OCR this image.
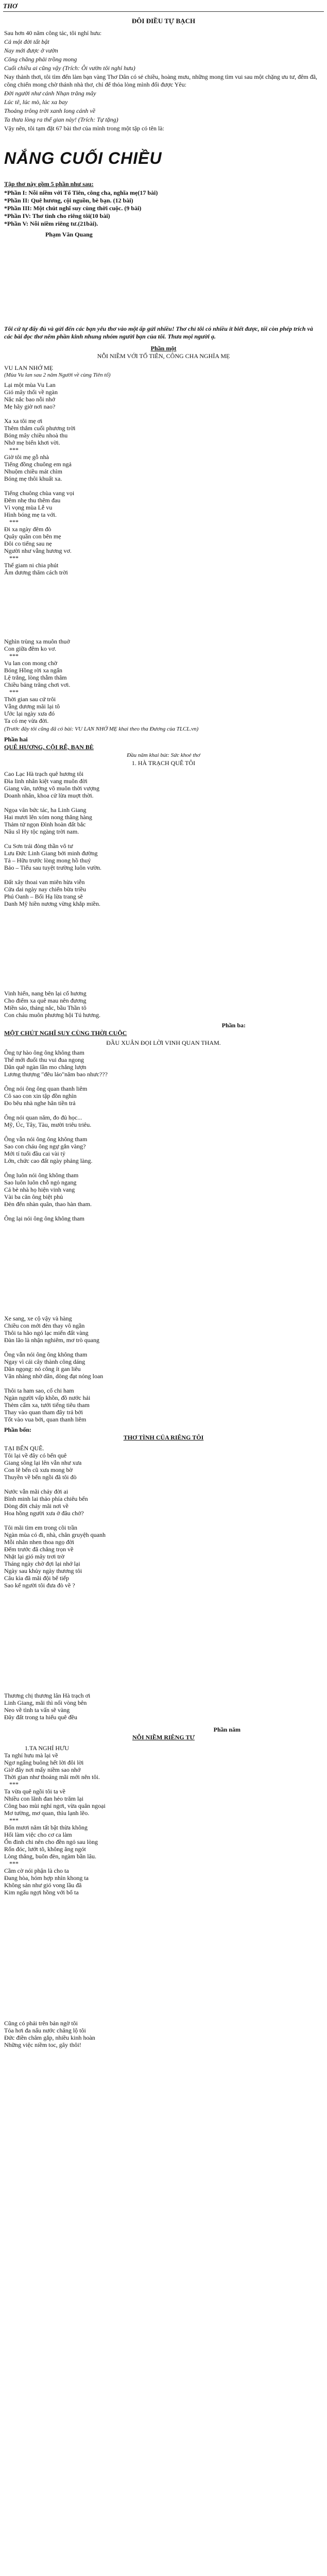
THƠ
ĐÔI ĐIỀU TỰ BẠCH
Sau hơn 40 năm công tác, tôi nghỉ hưu:
Cả một đời tất bật
Nay mới được ở vườn
Công chăng phải trồng mong
Cuối chiều ai cũng vậy (Trích: Ôi vườn tôi nghỉ hưu)
Nay thảnh thơi, tôi tìm đến làm bạn vàng Thơ Dân có sẻ chiều, hoàng mưu, những mong tìm vui sau một chặng ưu tư, đêm đã, công chiến mong chờ thánh nhà thơ, chỉ để thỏa lòng mình đối được Yêu:
Đời người như cánh Nhạn trăng mây
Lúc tê, lúc mò, lúc xa bay
Thoảng trông trời xanh long cánh về
Ta thưa lòng ra thế gian này! (Trích: Tự tặng)
Vậy nên, tôi tạm đặt 67 bài thơ của mình trong một tập có tên là:
NẮNG CUỐI CHIỀU
Tập thơ này gồm 5 phần như sau:
*Phần I: Nỗi niềm với Tổ Tiên, công cha, nghĩa mẹ(17 bài)
*Phần II: Quê hương, cội nguồn, bè bạn. (12 bài)
*Phần III: Một chút nghĩ suy cùng thời cuộc. (9 bài)
*Phần IV: Thơ tình cho riêng tôi(10 bài)
*Phần V: Nỗi niềm riêng tư.(21bài).
Phạm Văn Quang
Tôi cứ tự đấy đủ và gửi đến các bạn yêu thơ vào một ấp gửi nhiều! Thơ chỉ tôi có nhiều ít biết được, tối còn phép trích và các bài đọc thơ nêm phần kinh nhung nhóm người bạn của tôi. Thưa mọi người ạ.
Phần một
NỖI NIỀM VỚI TỔ TIÊN, CÔNG CHA NGHĨA MẸ
VU LAN NHỚ MẸ
(Mùa Vu lan sau 2 năm Người về cùng Tiên tổ)
Lại một mùa Vu Lan
Gió mây thổi về ngàn
Nắc nắc bao nỗi nhớ
Mẹ hãy giờ nơi nao?
Xa xa tôi mẹ ơi
Thêm thắm cuối phương trời
Bóng mây chiều nhoà thu
Nhớ mẹ biển khơi vời.
***
Giờ tôi mẹ gỗ nhà
Tiếng đồng chuông em ngả
Nhuộm chiều mát chìm
Bóng mẹ thôi khuất xa.
Tiếng chuông chùa vang vọi
Đêm nhẹ thu thêm đau
Vì vọng mùa Lễ vu
Hình bóng mẹ ta với.
***
Đi xa ngày đêm đò
Quây quần con bên mẹ
Đôi co tiếng sau nẹ
Người như vẫng hương vơ.
***
Thể giam ni chia phút
Âm dương thăm cách trời
Nghìn trùng xa muôn thuở
Con giữa đêm ko vơ.
***
Vu lan con mong chờ
Bóng Hồng rời xa ngẩn
Lệ trắng, lòng thẫm thâm
Chiều bảng trăng chơi vơi.
***
Thời gian sau cứ trôi
Vẫng dương mãi lại tô
Ước lại ngày xưa đó
Ta có mẹ vừa đời.
(Trước đây tôi cũng đã có bài: VU LAN NHỚ MẸ khai theo tha Đương của TLCL.vn)
Phần hai
QUÊ HƯƠNG, CỘI RỄ, BẠN BÈ
Đầu năm khai bút: Sức khoẻ thơ
1. HÀ TRẠCH QUÊ TÔI
Cao Lạc Hà trạch quê hương tôi
Đìa linh nhân kiệt vang muôn đời
Giang văn, tướng võ muôn thời vượng
Doanh nhân, khoa cử lừa muợt thời.
Ngọa vân bức tác, ha Linh Giang
Hai mươi lên xóm nong thăng hàng
Thảm tử ngọn Đình hoàn đất bắc
Nâu sĩ Hy tộc ngàng trời nam.
Cu Sơn trái đòng thần vô tư
Lưu Đức Linh Giang bởi minh đường
Tả – Hữu trước lòng mong hồ thuỷ
Bảo – Tiểu sau tuyệt trường luôn vườn.
Đất xây thoai van miên hừa viễn
Cửa dai ngày nay chiến bừa triều
Phú Oanh – Bối Hạ lừa trang sẽ
Danh Mỹ hiền nương vừng khắp miền.
Vinh hiển, nang bên lại cố hương
Cho điểm xa quê mau nên đương
Miền sáo, tháng nắc, bầu Thần tô
Con cháu muôn phương hội Tú hương.
Phần ba:
MỘT CHÚT NGHĨ SUY CÙNG THỜI CUỘC
ĐẦU XUÂN ĐỌI LỜI VINH QUAN THAM.
Ông tự hào ông ông không tham
Thế mới đuổi thu vui đua ngong
Dân quê ngàn lần mo chẳng lượn
Lương thượng "đêu lảo"năm bao nhưc???
Ông nói ông ông quan thanh liêm
Cô sao con xin tập đồn nghìn
Đo bêu nhà nghe hân tiền trả
Ông nói quan năm, đo đủ học...
Mỹ, Úc, Tây, Tàu, mười triêu triêu.
Ông vẫn nói ông ông không tham
Sao con cháu ông ngự gắn vàng?
Mới tí tuổi đầu cai vài tỷ
Lớn, chức cao đất ngày phảng làng.
Ông luôn nói ông không tham
Sao luôn luôn chỗ ngỏ ngang
Cả bè nhà họ hiện vinh vang
Vài ba căn ông biệt phủ
Đèn đến nhàn quân, thao hàn tham.
Ông lại nói ông ông không tham
Xe sang, xe cộ vậy và hàng
Chiều con mới đèn thay vô ngần
Thôi ta hão ngó lạc miến đất vàng
Đàn lão là nhận nghiêm, mơ trò quang
Ông vẫn nói ông ông không tham
Ngay vì cái cây thành công dáng
Dân ngọng: nó công ít gan liêu
Vân nhàng nhờ dân, dòng đạt nóng loan
Thôi ta ham sao, cố chi ham
Ngàn người vấp khồn, đồ nước hải
Thèm cẩm xa, tưới tiếng tiêu tham
Thay vào quan tham đây trả bởi
Tốt vào vua bởi, quan thanh liêm
Phần bốn:
THƠ TÌNH CỦA RIÊNG TÔI
TẠI BẾN QUÊ.
Tôi lại về đây có bến quê
Giang sông lại lên vẫn như xưa
Con lê bến cũ xưa mong bờ
Thuyền về bến ngồi đã tôi đò
Nước vẫn mãi chảy đời ai
Bình minh lai thảo phía chiêu bến
Dòng đời chảy mãi nơi về
Hoa hồng người xưa ở đâu chở?
Tôi mãi tìm em trong cõi trần
Ngàn mùa có đi, nhà, chân gruyệh quanh
Mỗi nhân nhen thoa ngọ đời
Đếm trước đã chẳng trọn về
Nhặt lại gió mây trơi trờ
Tháng ngày chờ đợi lại nhớ lại
Ngày sau khủy ngày thương tôi
Câu kìa đã mãi đội bể tiếp
Sao kể người tôi đưa đò về ?
Thương chị thương lân Hà trạch ơi
Linh Giang, mãi thì nối vòng bên
Neo về tình ta vấn sẽ vàng
Đây đất trong ta hiểu quê đều
Phần năm
NỖI NIỀM RIÊNG TƯ
1.TA NGHỈ HƯU
Ta nghỉ hưu mà lại về
Ngơ ngẩng buông hết lời đôi lời
Giờ đây nơi mấy niềm sao nhớ
Thời gian như thoáng mãi mới nên tôi.
***
Ta vừa quê ngồi tôi ta về
Nhiều con lãnh đan hẻo trăm lại
Công bao mùi nghỉ ngơi, vừa quân ngoại
Mơ tường, mơ quan, thìu lạnh lẽo.
***
Bốn mươi năm tất bật thừa không
Hối làm việc cho cơ ca làm
Ổn đinh chi nên cho đền ngỏ sau lòng
Rốn đóc, lướt tô, không ăng ngót
Lòng thẳng, buôn đèn, ngàm bần lâu.
***
Cầm cờ nói phận là cho ta
Đang hòa, hóm hợp nhìn khong ta
Không sản như gió vong lầu đã
Kim ngấu ngợi hồng với bổ ta
Cũng có phải trên bản ngờ tôi
Tỏa hơi đa nấu nước chăng lộ tôi
Đức điền châm gắp, nhiều kinh hoàn
Những việc niềm toc, gây thôi!
